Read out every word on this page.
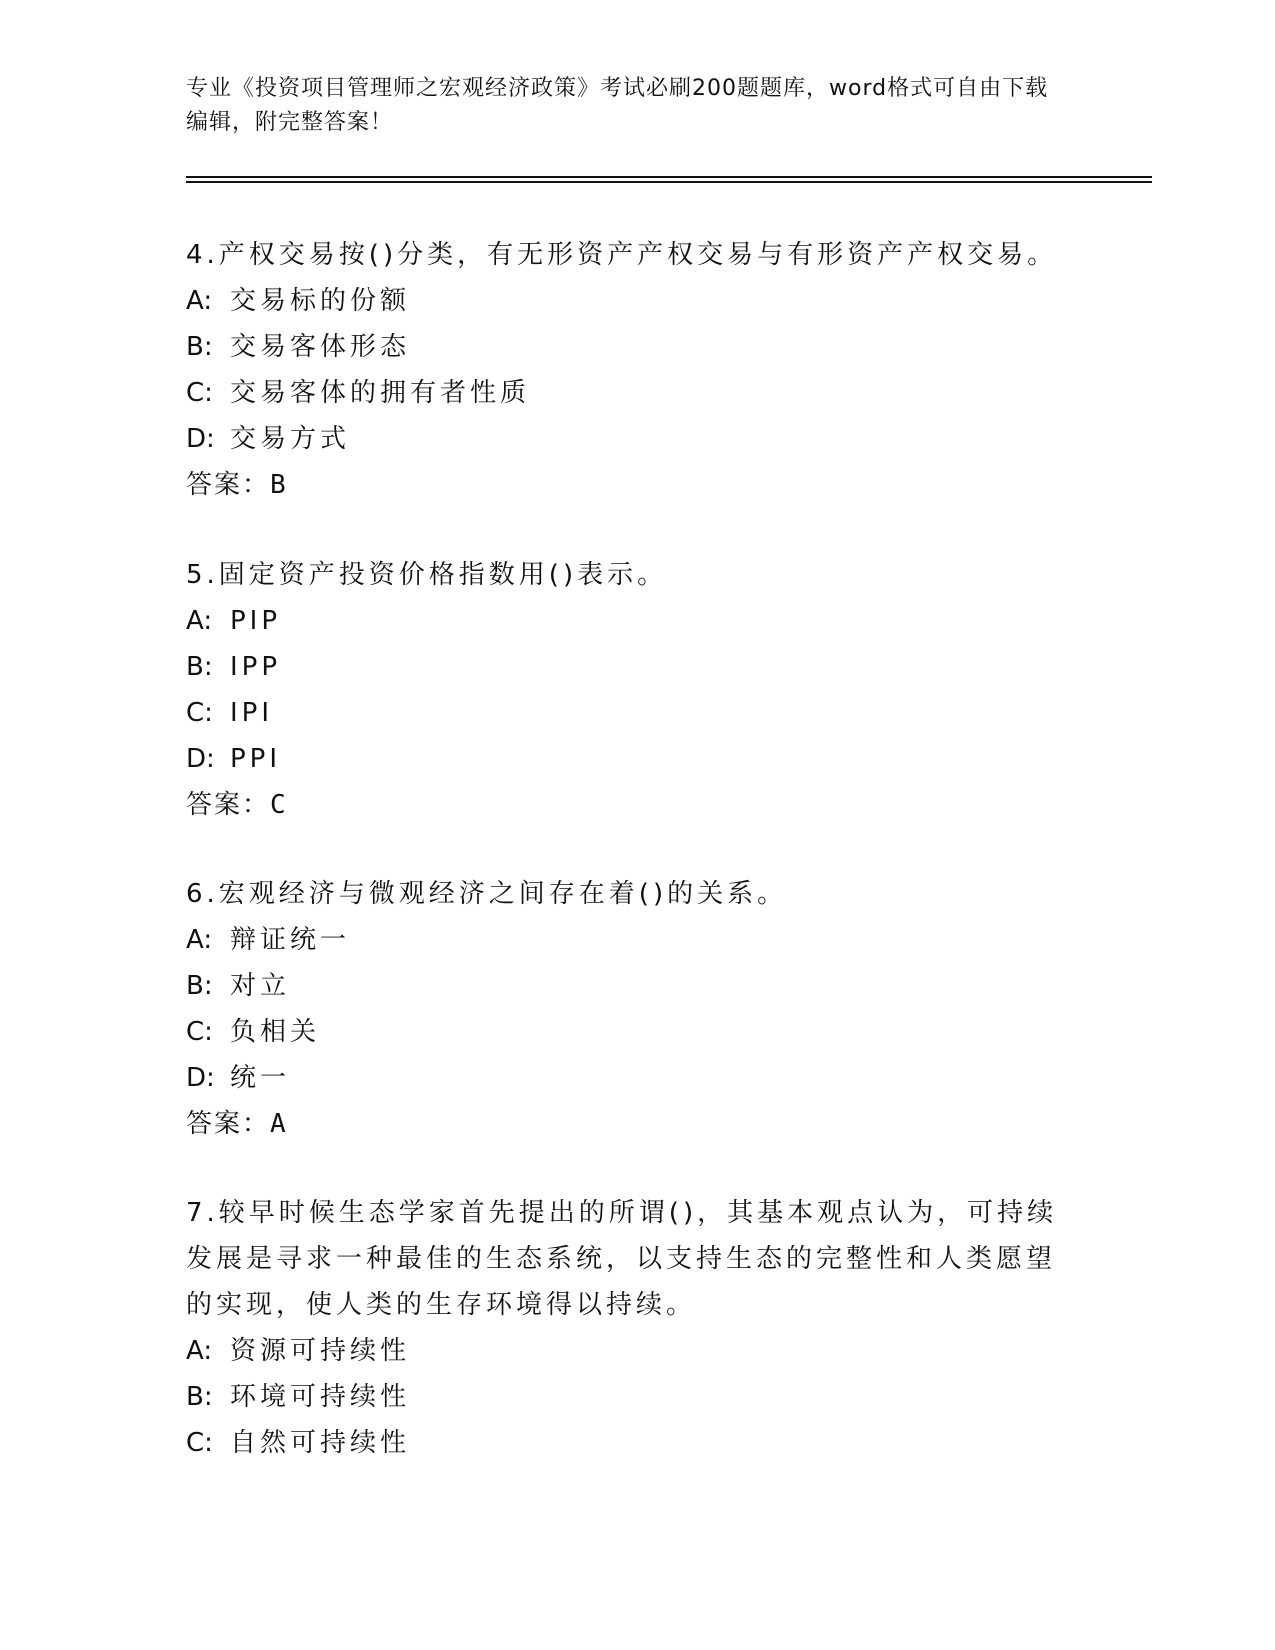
专业《投资项目管理师之宏观经济政策》考试必刷200题题库，word格式可自由下载编辑，附完整答案！

4.产权交易按()分类，有无形资产产权交易与有形资产产权交易。

A: 交易标的份额
B: 交易客体形态
C: 交易客体的拥有者性质
D: 交易方式
答案：B

5.固定资产投资价格指数用()表示。

A: PIP
B: IPP
C: IPI
D: PPI
答案：C

6.宏观经济与微观经济之间存在着()的关系。

A: 辩证统一
B: 对立
C: 负相关
D: 统一
答案：A

7.较早时候生态学家首先提出的所谓()，其基本观点认为，可持续发展是寻求一种最佳的生态系统，以支持生态的完整性和人类愿望的实现，使人类的生存环境得以持续。

A: 资源可持续性
B: 环境可持续性
C: 自然可持续性
